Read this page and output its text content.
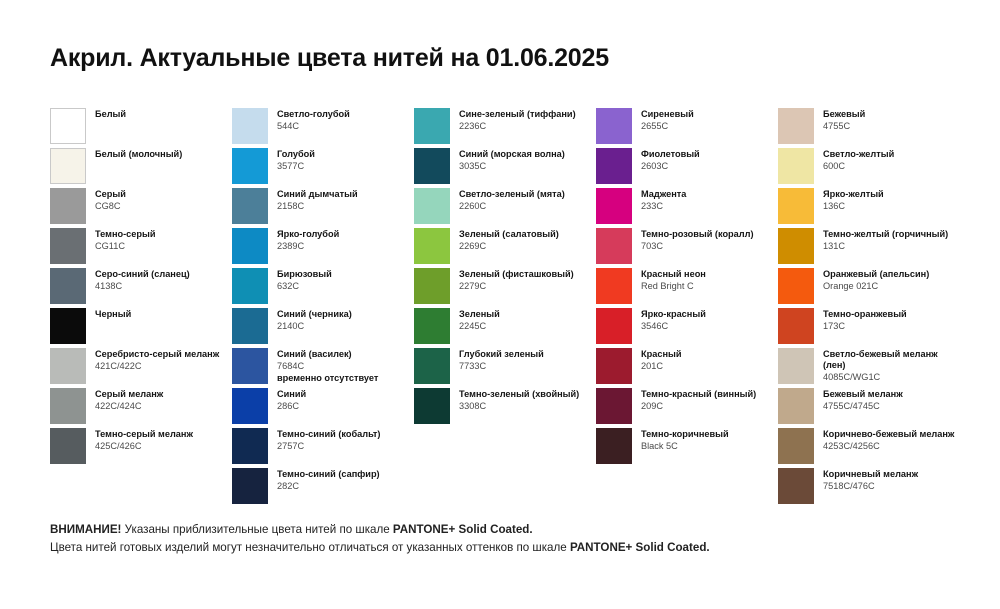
Акрил. Актуальные цвета нитей на 01.06.2025
Белый
Белый (молочный)
Серый
CG8C
Темно-серый
CG11C
Серо-синий (сланец)
4138C
Черный
Серебристо-серый меланж
421C/422C
Серый меланж
422C/424C
Темно-серый меланж
425C/426C
Светло-голубой
544C
Голубой
3577C
Синий дымчатый
2158C
Ярко-голубой
2389C
Бирюзовый
632C
Синий (черника)
2140C
Синий (василек)
7684C
временно отсутствует
Синий
286C
Темно-синий (кобальт)
2757C
Темно-синий (сапфир)
282C
Сине-зеленый (тиффани)
2236C
Синий (морская волна)
3035C
Светло-зеленый (мята)
2260C
Зеленый (салатовый)
2269C
Зеленый (фисташковый)
2279C
Зеленый
2245C
Глубокий зеленый
7733C
Темно-зеленый (хвойный)
3308C
Сиреневый
2655C
Фиолетовый
2603C
Маджента
233C
Темно-розовый (коралл)
703C
Красный неон
Red Bright C
Ярко-красный
3546C
Красный
201C
Темно-красный (винный)
209C
Темно-коричневый
Black 5C
Бежевый
4755C
Светло-желтый
600C
Ярко-желтый
136C
Темно-желтый (горчичный)
131C
Оранжевый (апельсин)
Orange 021C
Темно-оранжевый
173C
Светло-бежевый меланж (лен)
4085C/WG1C
Бежевый меланж
4755C/4745C
Коричнево-бежевый меланж
4253C/4256C
Коричневый меланж
7518C/476C
ВНИМАНИЕ! Указаны приблизительные цвета нитей по шкале PANTONE+ Solid Coated.
Цвета нитей готовых изделий могут незначительно отличаться от указанных оттенков по шкале PANTONE+ Solid Coated.
